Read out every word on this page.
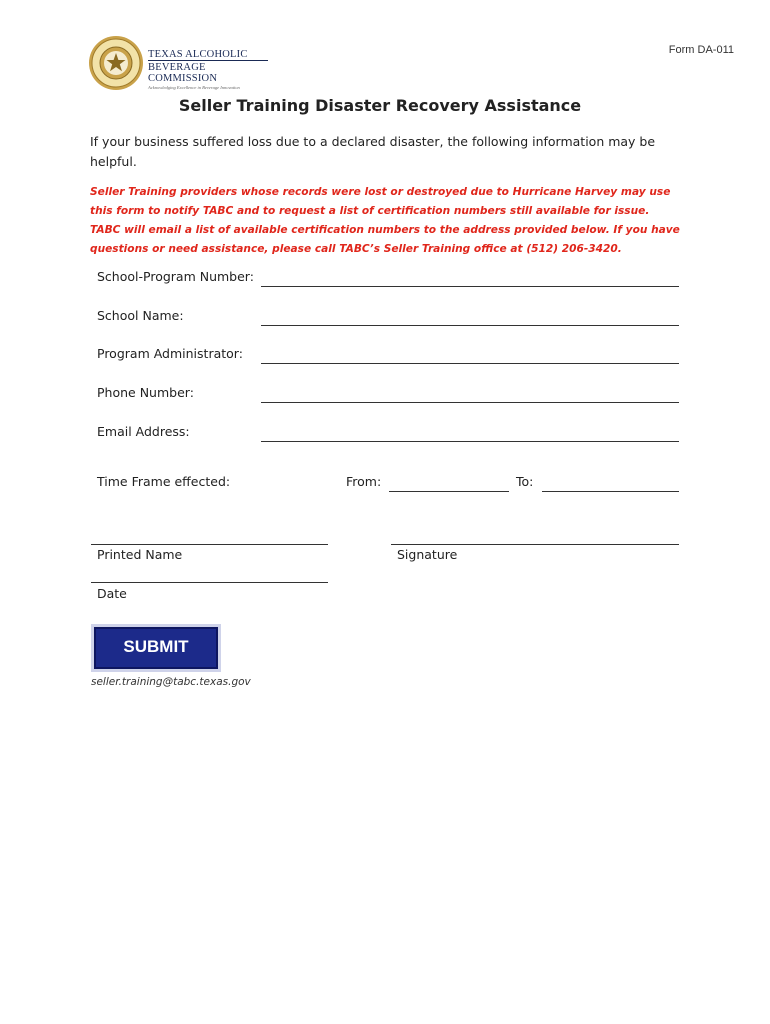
Form DA-011
TEXAS ALCOHOLIC
BEVERAGE COMMISSION
Acknowledging Excellence in Beverage Innovation
Seller Training Disaster Recovery Assistance
If your business suffered loss due to a declared disaster, the following information may be helpful.
Seller Training providers whose records were lost or destroyed due to Hurricane Harvey may use this form to notify TABC and to request a list of certification numbers still available for issue. TABC will email a list of available certification numbers to the address provided below. If you have questions or need assistance, please call TABC’s Seller Training office at (512) 206-3420.
School-Program Number:
School Name:
Program Administrator:
Phone Number:
Email Address:
Time Frame effected:	From:	To:
Printed Name	Signature
Date
SUBMIT
seller.training@tabc.texas.gov
